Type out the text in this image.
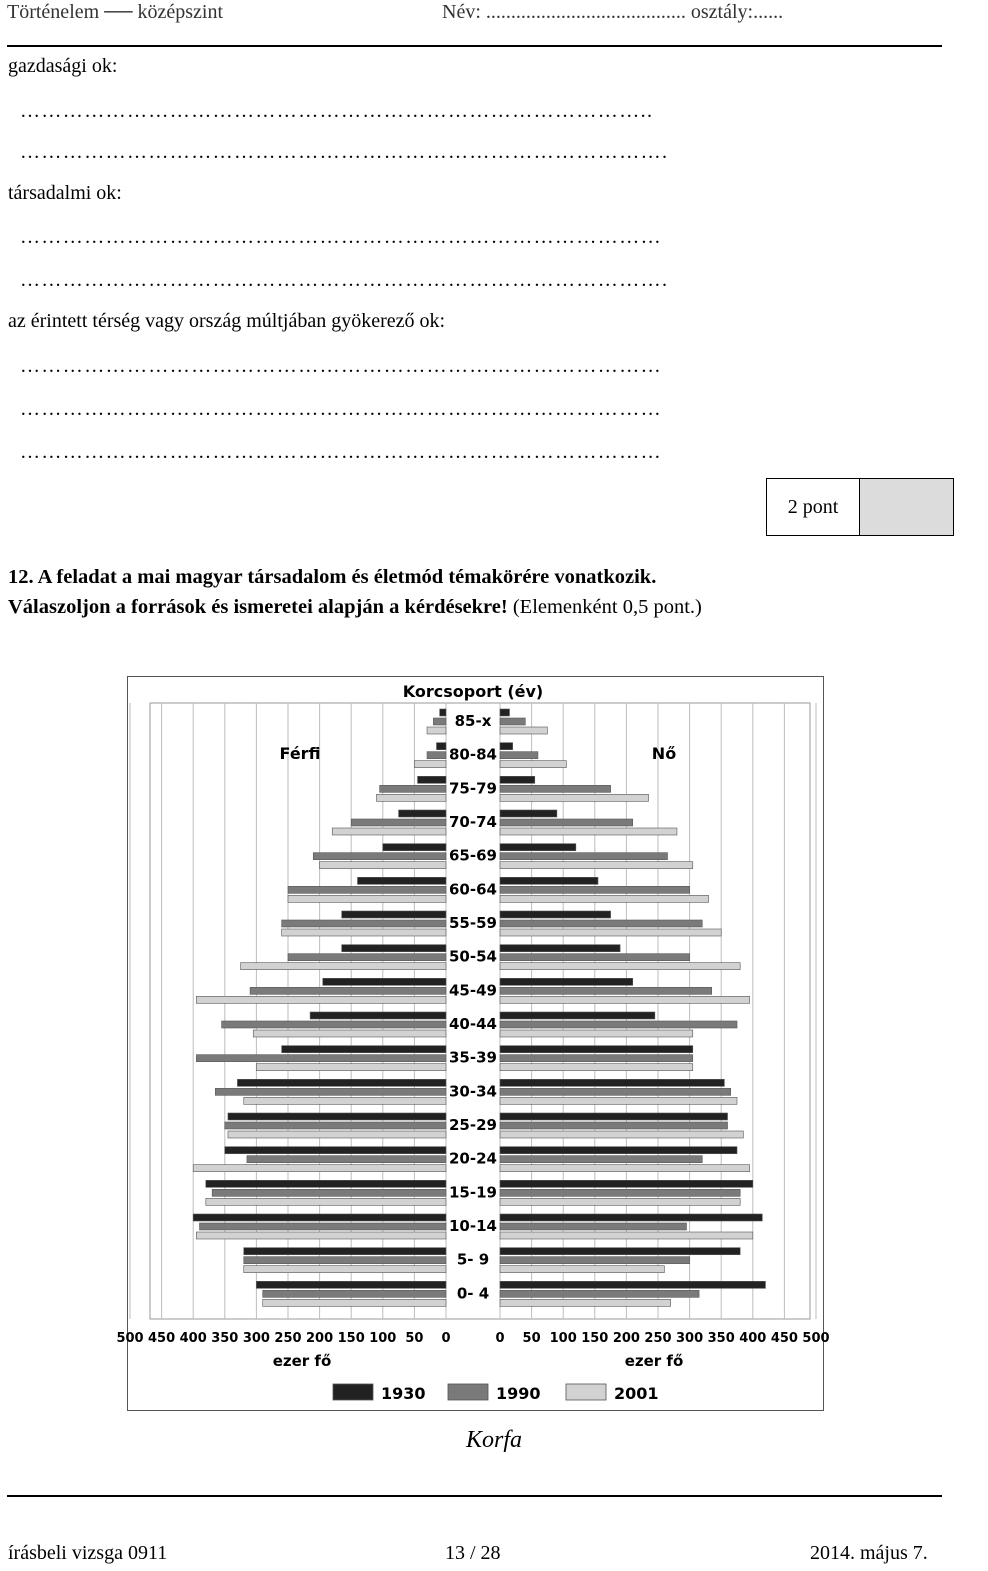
Történelem ── középszint	Név: ........................................ osztály:......
gazdasági ok:
……………………………………………………………………………..
……………………………………………………………………………….
társadalmi ok:
………………………………………………………………………………
……………………………………………………………………………….
az érintett térség vagy ország múltjában gyökerező ok:
………………………………………………………………………………
………………………………………………………………………………
………………………………………………………………………………
2 pont
12. A feladat a mai magyar társadalom és életmód témakörére vonatkozik.
Válaszoljon a források és ismeretei alapján a kérdésekre! (Elemenként 0,5 pont.)
85-x
80-84
75-79
70-74
65-69
60-64
55-59
50-54
45-49
40-44
35-39
30-34
25-29
20-24
15-19
10-14
5- 9
0- 4
Korcsoport (év)
Férfi	Nő
0	0
50	50
100	100
150	150
200	200
250	250
300	300
350	350
400	400
450	450
500	500
ezer fő	ezer fő
1930	1990	2001
Korfa
írásbeli vizsga 0911	13 / 28	2014. május 7.
